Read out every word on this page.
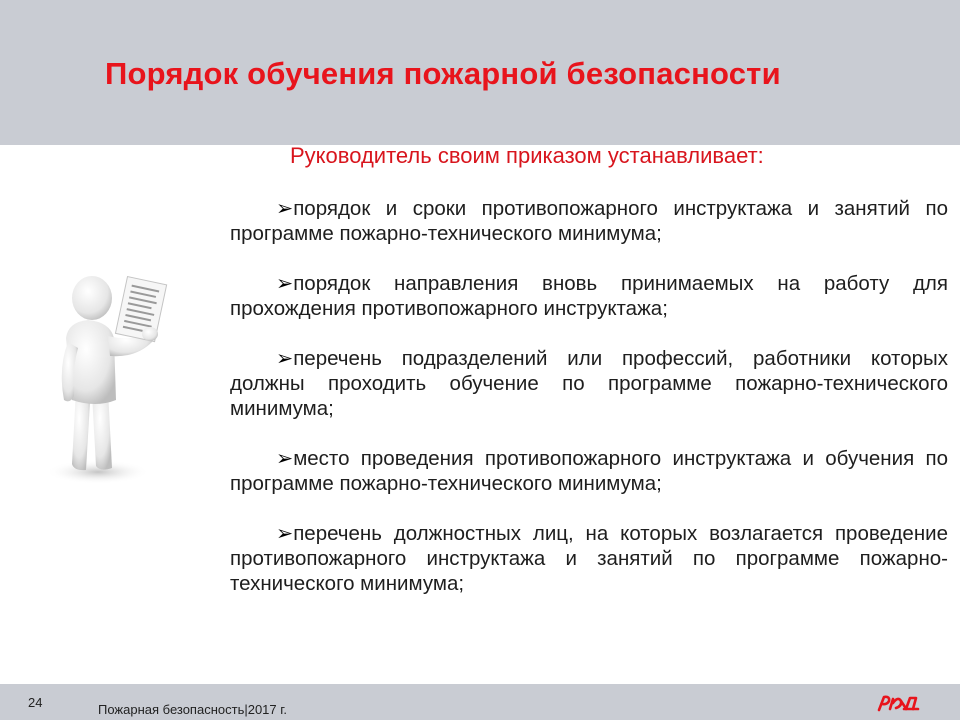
Порядок обучения пожарной безопасности

Руководитель своим приказом устанавливает:

➢порядок и сроки противопожарного инструктажа и занятий по программе пожарно-технического минимума;
➢порядок направления вновь принимаемых на работу для прохождения противопожарного инструктажа;
➢перечень подразделений или профессий, работники которых должны проходить обучение по программе пожарно-технического минимума;
➢место проведения противопожарного инструктажа и обучения по программе пожарно-технического минимума;
➢перечень должностных лиц, на которых возлагается проведение противопожарного инструктажа и занятий по программе пожарно-технического минимума;

24	Пожарная безопасность|2017 г.
